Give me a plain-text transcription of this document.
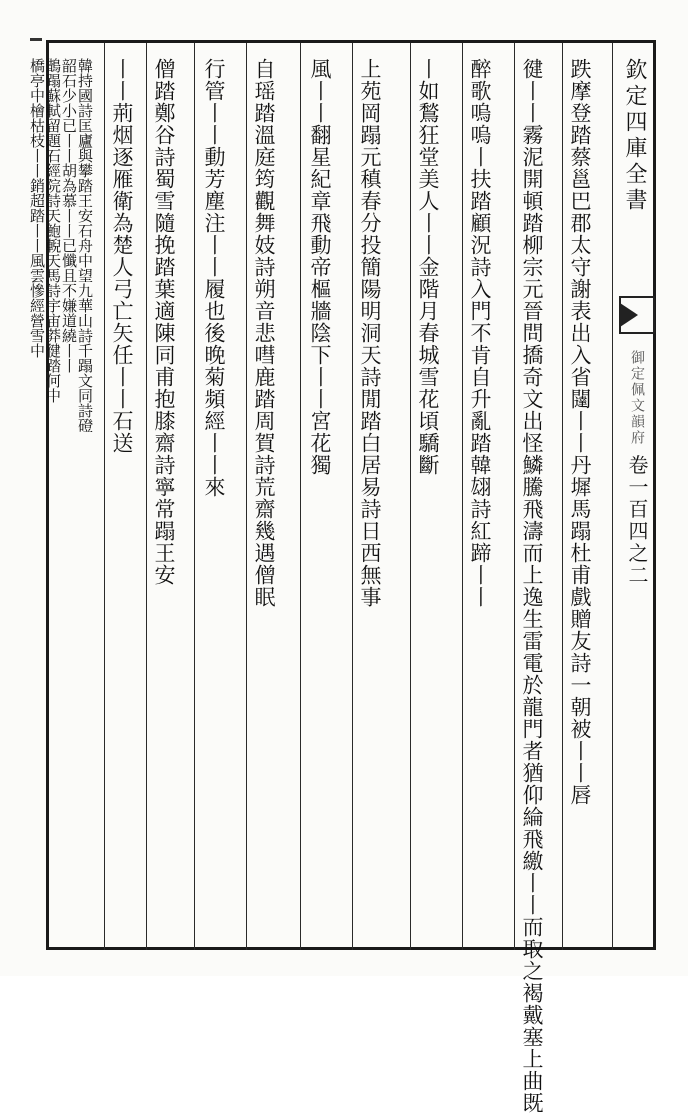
欽定四庫全書
御定佩文韻府 卷一百四之二
跌摩登踏蔡邕巴郡太守謝表出入省闥丨丨丹墀馬蹋杜甫戲贈友詩一朝被丨丨唇
徤丨丨霧泥開頓踏柳宗元晉問撟奇文出怪鱗騰飛濤而上逸生雷電於龍門者猶仰綸飛繳丨丨而取之褐戴塞上曲既
醉歌嗚嗚丨扶踏顧況詩入門不肯自升亂踏韓翃詩紅蹄丨丨
丨如鶖狂堂美人丨丨金階月春城雪花頃驕斷
上苑岡蹋元稹春分投簡陽明洞天詩閒踏白居易詩日西無事
風丨丨翻星紀章飛動帝樞牆陰下丨丨宮花獨
自瑶踏溫庭筠觀舞妓詩朔音悲嘒鹿踏周賀詩荒齋幾遇僧眠
行管丨丨動芳塵注丨丨履也後晚菊頻經丨丨來
僧踏鄭谷詩蜀雪隨挽踏葉適陳同甫抱膝齋詩寧常蹋王安
丨丨荊烟逐雁衛為楚人弓亡矢任丨丨石送
韓持國詩匡廬與攀踏王安石舟中望九華山詩千蹋文同詩磴
韶石少小已丨丨胡為慕丨丨已懺且不嫌道繞丨丨
鵲蹋蘇軾留題石經院詩天鮑輗天馬詩宇宙莽徤踏何中
橋亭中檜枯枝丨丨銷超踏丨丨風雲慘經營雪中
